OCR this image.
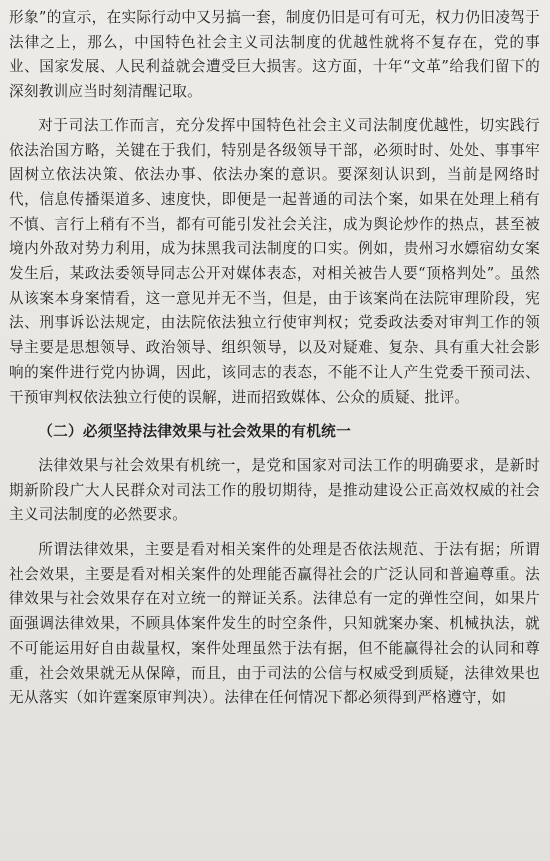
形象”的宣示，在实际行动中又另搞一套，制度仍旧是可有可无，权力仍旧凌驾于法律之上，那么，中国特色社会主义司法制度的优越性就将不复存在，党的事业、国家发展、人民利益就会遭受巨大损害。这方面，十年“文革”给我们留下的深刻教训应当时刻清醒记取。

对于司法工作而言，充分发挥中国特色社会主义司法制度优越性，切实践行依法治国方略，关键在于我们，特别是各级领导干部，必须时时、处处、事事牢固树立依法决策、依法办事、依法办案的意识。要深刻认识到，当前是网络时代，信息传播渠道多、速度快，即便是一起普通的司法个案，如果在处理上稍有不慎、言行上稍有不当，都有可能引发社会关注，成为舆论炒作的热点，甚至被境内外敌对势力利用，成为抹黑我司法制度的口实。例如，贵州习水嫖宿幼女案发生后，某政法委领导同志公开对媒体表态，对相关被告人要“顶格判处”。虽然从该案本身案情看，这一意见并无不当，但是，由于该案尚在法院审理阶段，宪法、刑事诉讼法规定，由法院依法独立行使审判权；党委政法委对审判工作的领导主要是思想领导、政治领导、组织领导，以及对疑难、复杂、具有重大社会影响的案件进行党内协调，因此，该同志的表态，不能不让人产生党委干预司法、干预审判权依法独立行使的误解，进而招致媒体、公众的质疑、批评。

（二）必须坚持法律效果与社会效果的有机统一

法律效果与社会效果有机统一，是党和国家对司法工作的明确要求，是新时期新阶段广大人民群众对司法工作的殷切期待，是推动建设公正高效权威的社会主义司法制度的必然要求。

所谓法律效果，主要是看对相关案件的处理是否依法规范、于法有据；所谓社会效果，主要是看对相关案件的处理能否赢得社会的广泛认同和普遍尊重。法律效果与社会效果存在对立统一的辩证关系。法律总有一定的弹性空间，如果片面强调法律效果，不顾具体案件发生的时空条件，只知就案办案、机械执法，就不可能运用好自由裁量权，案件处理虽然于法有据，但不能赢得社会的认同和尊重，社会效果就无从保障，而且，由于司法的公信与权威受到质疑，法律效果也无从落实（如许霆案原审判决）。法律在任何情况下都必须得到严格遵守，如
